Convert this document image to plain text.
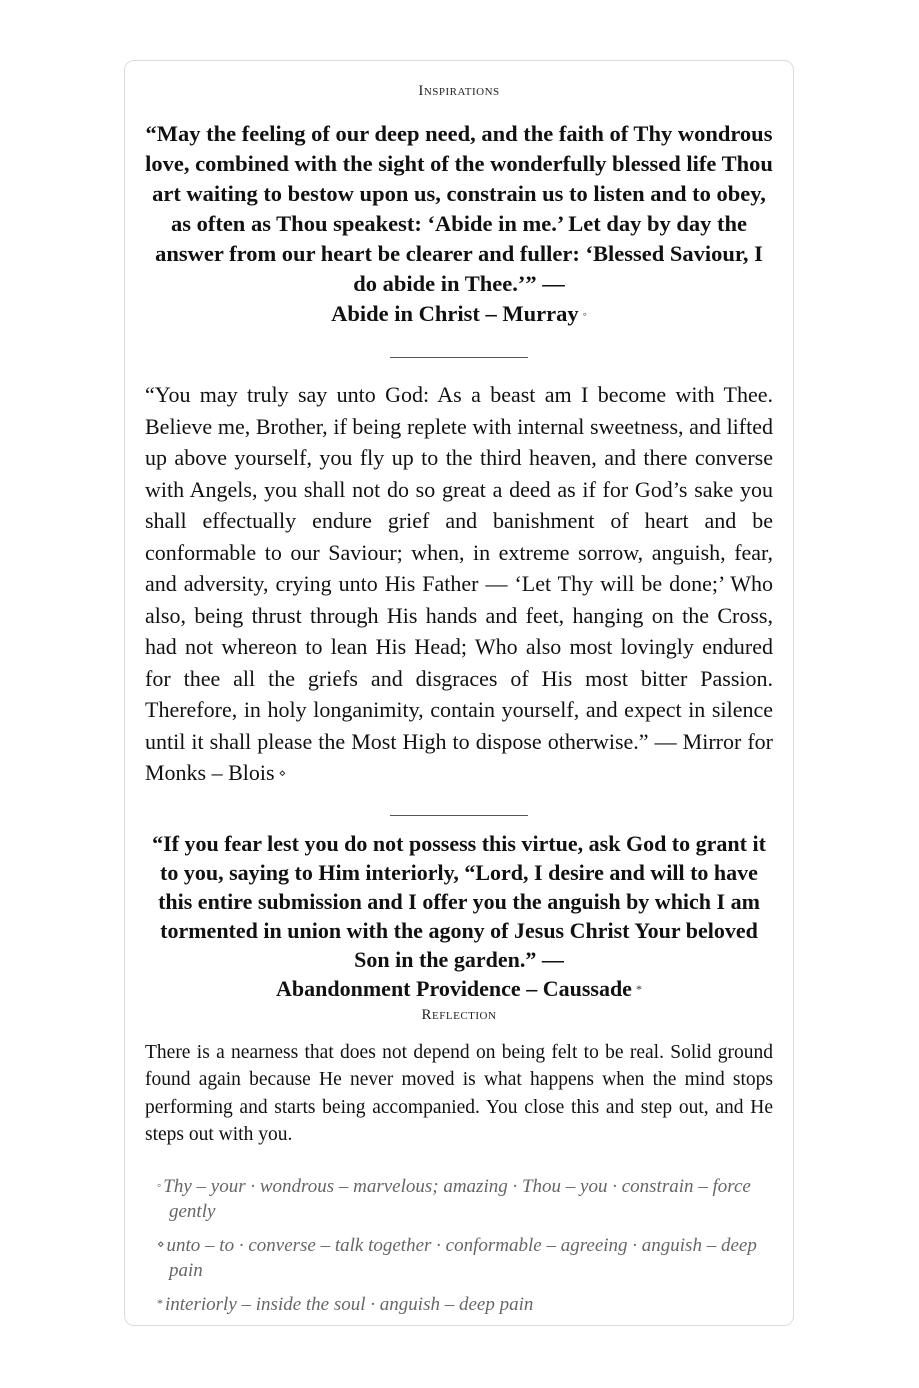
Inspirations
“May the feeling of our deep need, and the faith of Thy wondrous love, combined with the sight of the wonderfully blessed life Thou art waiting to bestow upon us, constrain us to listen and to obey, as often as Thou speakest: ‘Abide in me.’ Let day by day the answer from our heart be clearer and fuller: ‘Blessed Saviour, I do abide in Thee.’” —
Abide in Christ – Murray ◦
“You may truly say unto God: As a beast am I become with Thee. Believe me, Brother, if being replete with internal sweetness, and lifted up above yourself, you fly up to the third heaven, and there converse with Angels, you shall not do so great a deed as if for God’s sake you shall effectually endure grief and banishment of heart and be conformable to our Saviour; when, in extreme sorrow, anguish, fear, and adversity, crying unto His Father — ‘Let Thy will be done;’ Who also, being thrust through His hands and feet, hanging on the Cross, had not whereon to lean His Head; Who also most lovingly endured for thee all the griefs and disgraces of His most bitter Passion. Therefore, in holy longanimity, contain yourself, and expect in silence until it shall please the Most High to dispose otherwise.” — Mirror for Monks – Blois ⋄
“If you fear lest you do not possess this virtue, ask God to grant it to you, saying to Him interiorly, “Lord, I desire and will to have this entire submission and I offer you the anguish by which I am tormented in union with the agony of Jesus Christ Your beloved Son in the garden.” —
Abandonment Providence – Caussade *
Reflection
There is a nearness that does not depend on being felt to be real. Solid ground found again because He never moved is what happens when the mind stops performing and starts being accompanied. You close this and step out, and He steps out with you.
◦ Thy – your · wondrous – marvelous; amazing · Thou – you · constrain – force gently
⋄ unto – to · converse – talk together · conformable – agreeing · anguish – deep pain
* interiorly – inside the soul · anguish – deep pain
